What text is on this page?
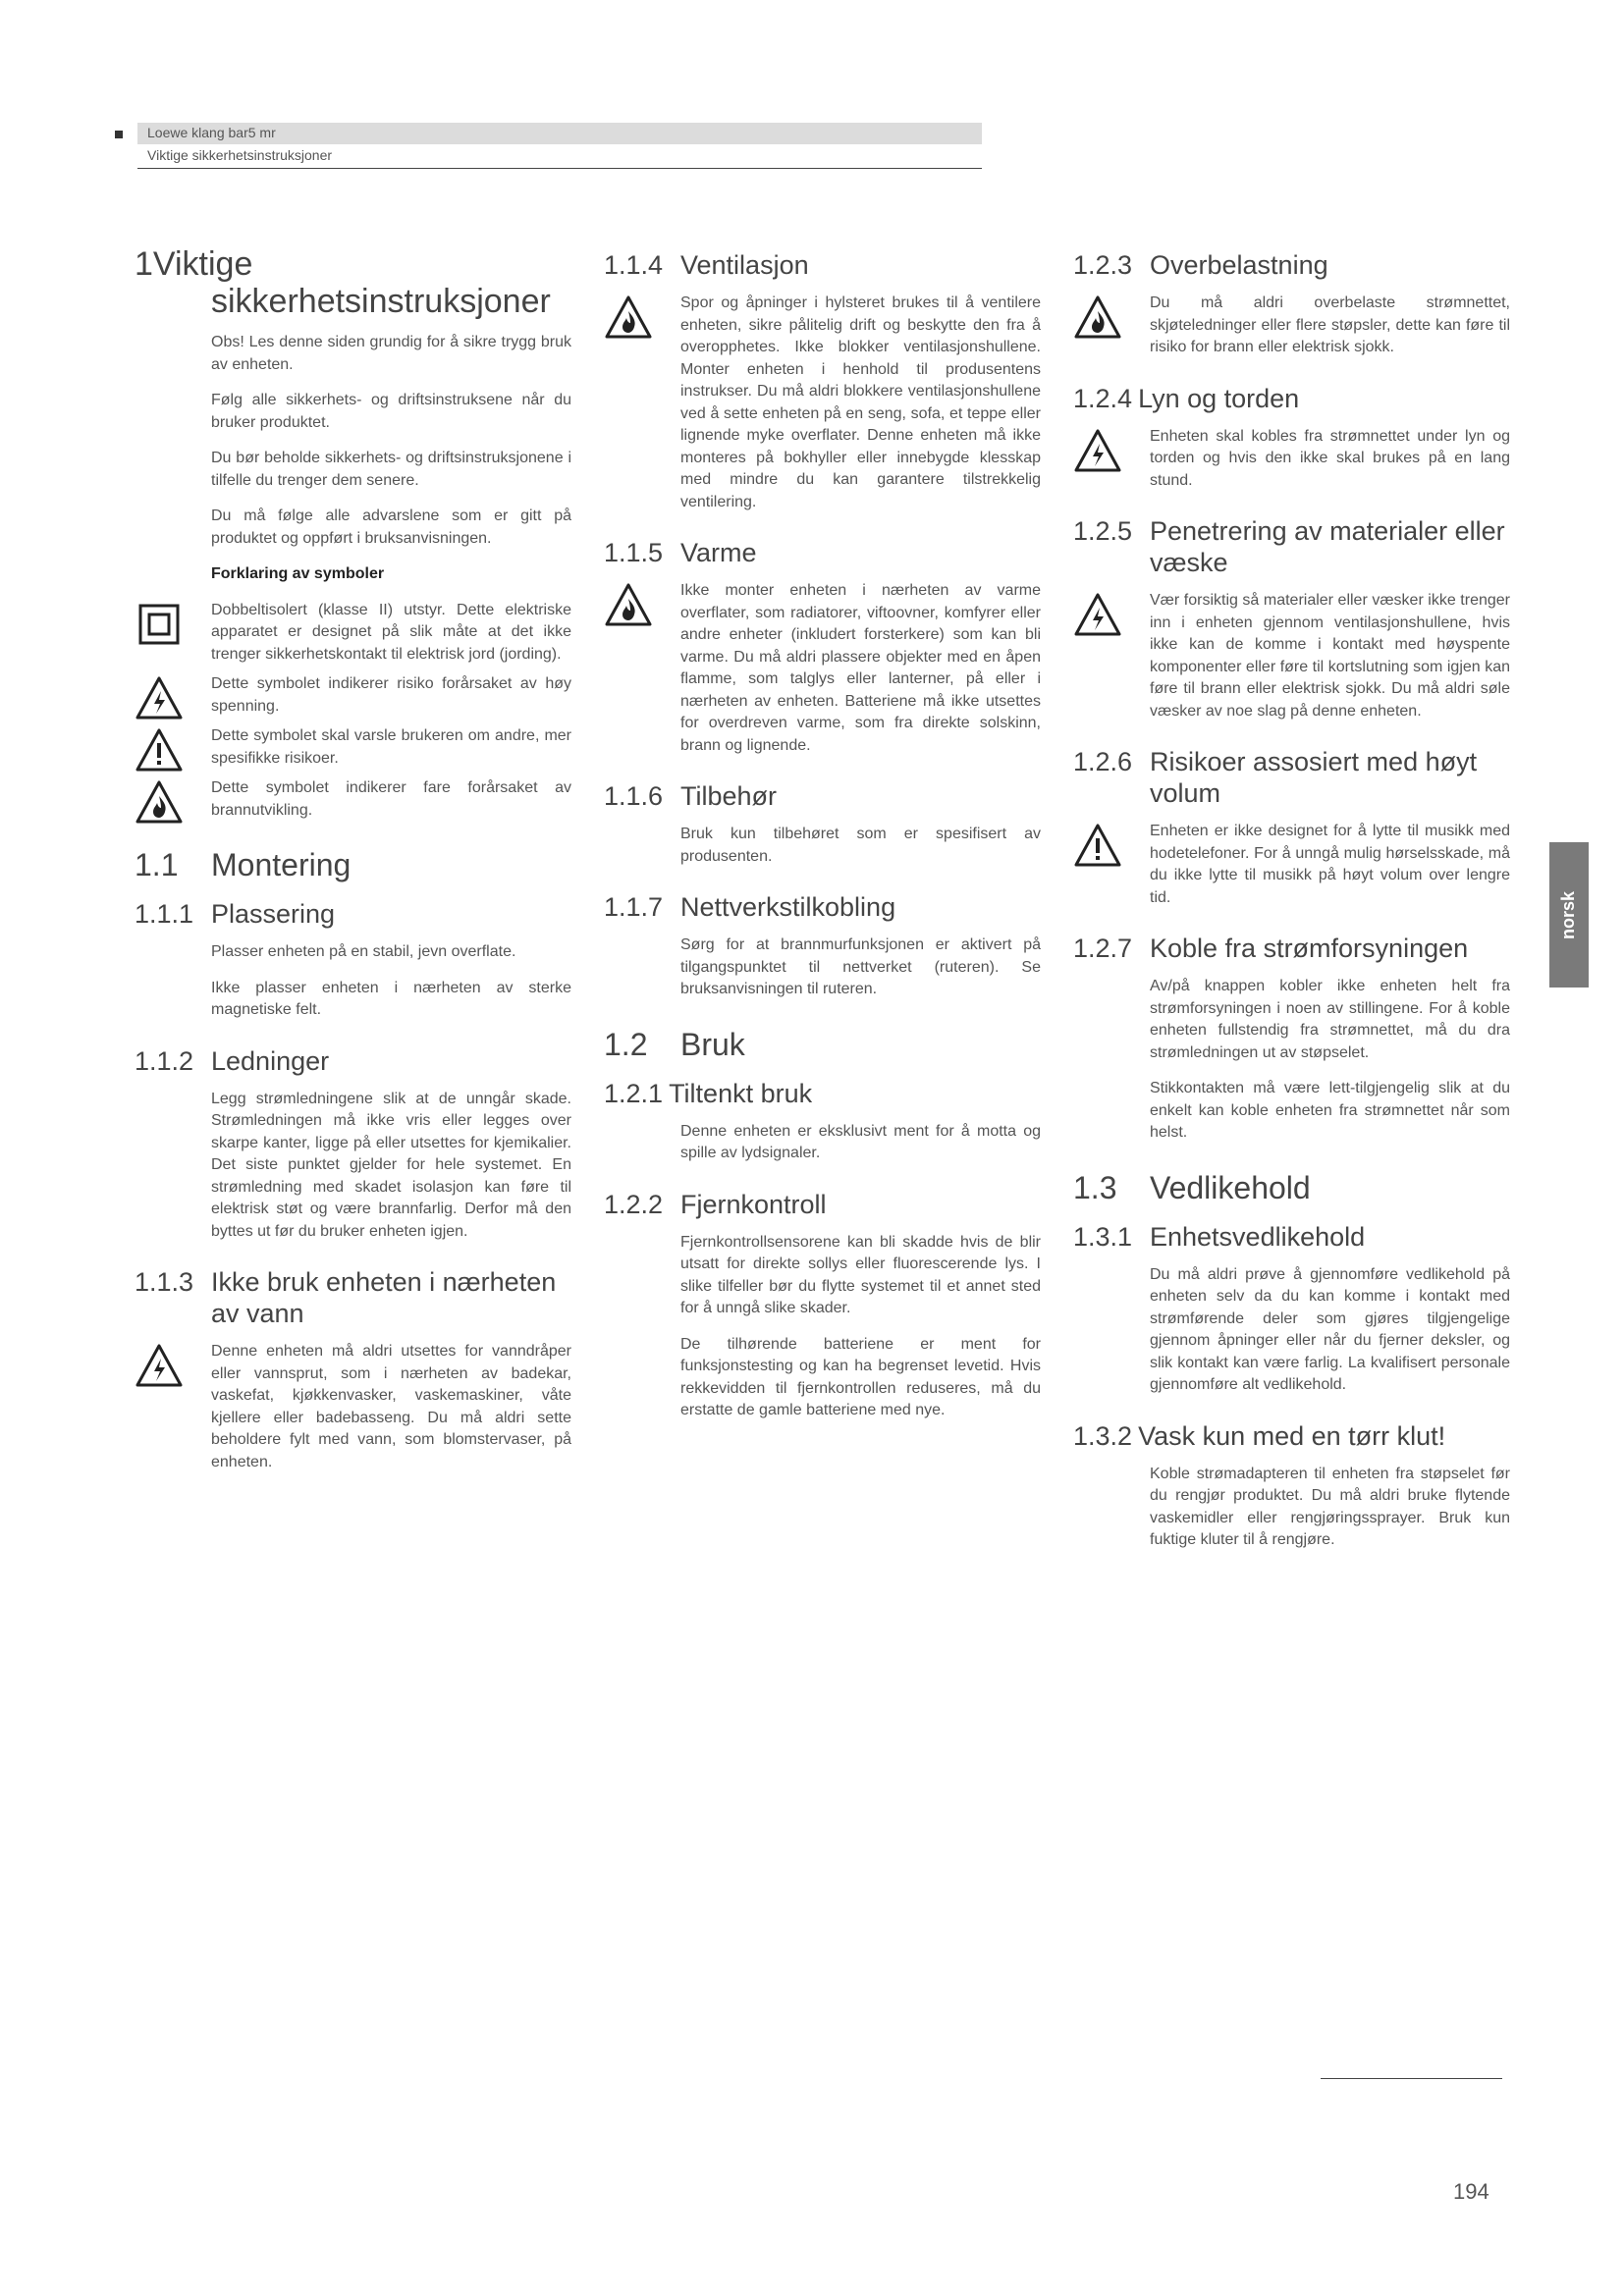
Loewe klang bar5 mr
Viktige sikkerhetsinstruksjoner
1Viktige
sikkerhetsinstruksjoner
Obs! Les denne siden grundig for å sikre trygg bruk av enheten.
Følg alle sikkerhets- og driftsinstruksene når du bruker produktet.
Du bør beholde sikkerhets- og driftsinstruksjonene i tilfelle du trenger dem senere.
Du må følge alle advarslene som er gitt på produktet og oppført i bruksanvisningen.
Forklaring av symboler
Dobbeltisolert (klasse II) utstyr. Dette elektriske apparatet er designet på slik måte at det ikke trenger sikkerhetskontakt til elektrisk jord (jording).
Dette symbolet indikerer risiko forårsaket av høy spenning.
Dette symbolet skal varsle brukeren om andre, mer spesifikke risikoer.
Dette symbolet indikerer fare forårsaket av brannutvikling.
1.1	Montering
1.1.1 Plassering
Plasser enheten på en stabil, jevn overflate.
Ikke plasser enheten i nærheten av sterke magnetiske felt.
1.1.2 Ledninger
Legg strømledningene slik at de unngår skade. Strømledningen må ikke vris eller legges over skarpe kanter, ligge på eller utsettes for kjemikalier. Det siste punktet gjelder for hele systemet. En strømledning med skadet isolasjon kan føre til elektrisk støt og være brannfarlig. Derfor må den byttes ut før du bruker enheten igjen.
1.1.3 Ikke bruk enheten i nærheten av vann
Denne enheten må aldri utsettes for vanndråper eller vannsprut, som i nærheten av badekar, vaskefat, kjøkkenvasker, vaskemaskiner, våte kjellere eller badebasseng. Du må aldri sette beholdere fylt med vann, som blomstervaser, på enheten.
1.1.4 Ventilasjon
Spor og åpninger i hylsteret brukes til å ventilere enheten, sikre pålitelig drift og beskytte den fra å overopphetes. Ikke blokker ventilasjonshullene. Monter enheten i henhold til produsentens instrukser. Du må aldri blokkere ventilasjonshullene ved å sette enheten på en seng, sofa, et teppe eller lignende myke overflater. Denne enheten må ikke monteres på bokhyller eller innebygde klesskap med mindre du kan garantere tilstrekkelig ventilering.
1.1.5 Varme
Ikke monter enheten i nærheten av varme overflater, som radiatorer, viftoovner, komfyrer eller andre enheter (inkludert forsterkere) som kan bli varme. Du må aldri plassere objekter med en åpen flamme, som talglys eller lanterner, på eller i nærheten av enheten. Batteriene må ikke utsettes for overdreven varme, som fra direkte solskinn, brann og lignende.
1.1.6 Tilbehør
Bruk kun tilbehøret som er spesifisert av produsenten.
1.1.7 Nettverkstilkobling
Sørg for at brannmurfunksjonen er aktivert på tilgangspunktet til nettverket (ruteren). Se bruksanvisningen til ruteren.
1.2	Bruk
1.2.1 Tiltenkt bruk
Denne enheten er eksklusivt ment for å motta og spille av lydsignaler.
1.2.2 Fjernkontroll
Fjernkontrollsensorene kan bli skadde hvis de blir utsatt for direkte sollys eller fluorescerende lys. I slike tilfeller bør du flytte systemet til et annet sted for å unngå slike skader.
De tilhørende batteriene er ment for funksjonstesting og kan ha begrenset levetid. Hvis rekkevidden til fjernkontrollen reduseres, må du erstatte de gamle batteriene med nye.
1.2.3 Overbelastning
Du må aldri overbelaste strømnettet, skjøteledninger eller flere støpsler, dette kan føre til risiko for brann eller elektrisk sjokk.
1.2.4 Lyn og torden
Enheten skal kobles fra strømnettet under lyn og torden og hvis den ikke skal brukes på en lang stund.
1.2.5 Penetrering av materialer eller væske
Vær forsiktig så materialer eller væsker ikke trenger inn i enheten gjennom ventilasjonshullene, hvis ikke kan de komme i kontakt med høyspente komponenter eller føre til kortslutning som igjen kan føre til brann eller elektrisk sjokk. Du må aldri søle væsker av noe slag på denne enheten.
1.2.6 Risikoer assosiert med høyt volum
Enheten er ikke designet for å lytte til musikk med hodetelefoner. For å unngå mulig hørselsskade, må du ikke lytte til musikk på høyt volum over lengre tid.
1.2.7 Koble fra strømforsyningen
Av/på knappen kobler ikke enheten helt fra strømforsyningen i noen av stillingene. For å koble enheten fullstendig fra strømnettet, må du dra strømledningen ut av støpselet.
Stikkontakten må være lett-tilgjengelig slik at du enkelt kan koble enheten fra strømnettet når som helst.
1.3	Vedlikehold
1.3.1 Enhetsvedlikehold
Du må aldri prøve å gjennomføre vedlikehold på enheten selv da du kan komme i kontakt med strømførende deler som gjøres tilgjengelige gjennom åpninger eller når du fjerner deksler, og slik kontakt kan være farlig. La kvalifisert personale gjennomføre alt vedlikehold.
1.3.2 Vask kun med en tørr klut!
Koble strømadapteren til enheten fra støpselet før du rengjør produktet. Du må aldri bruke flytende vaskemidler eller rengjøringssprayer. Bruk kun fuktige kluter til å rengjøre.
norsk
194
